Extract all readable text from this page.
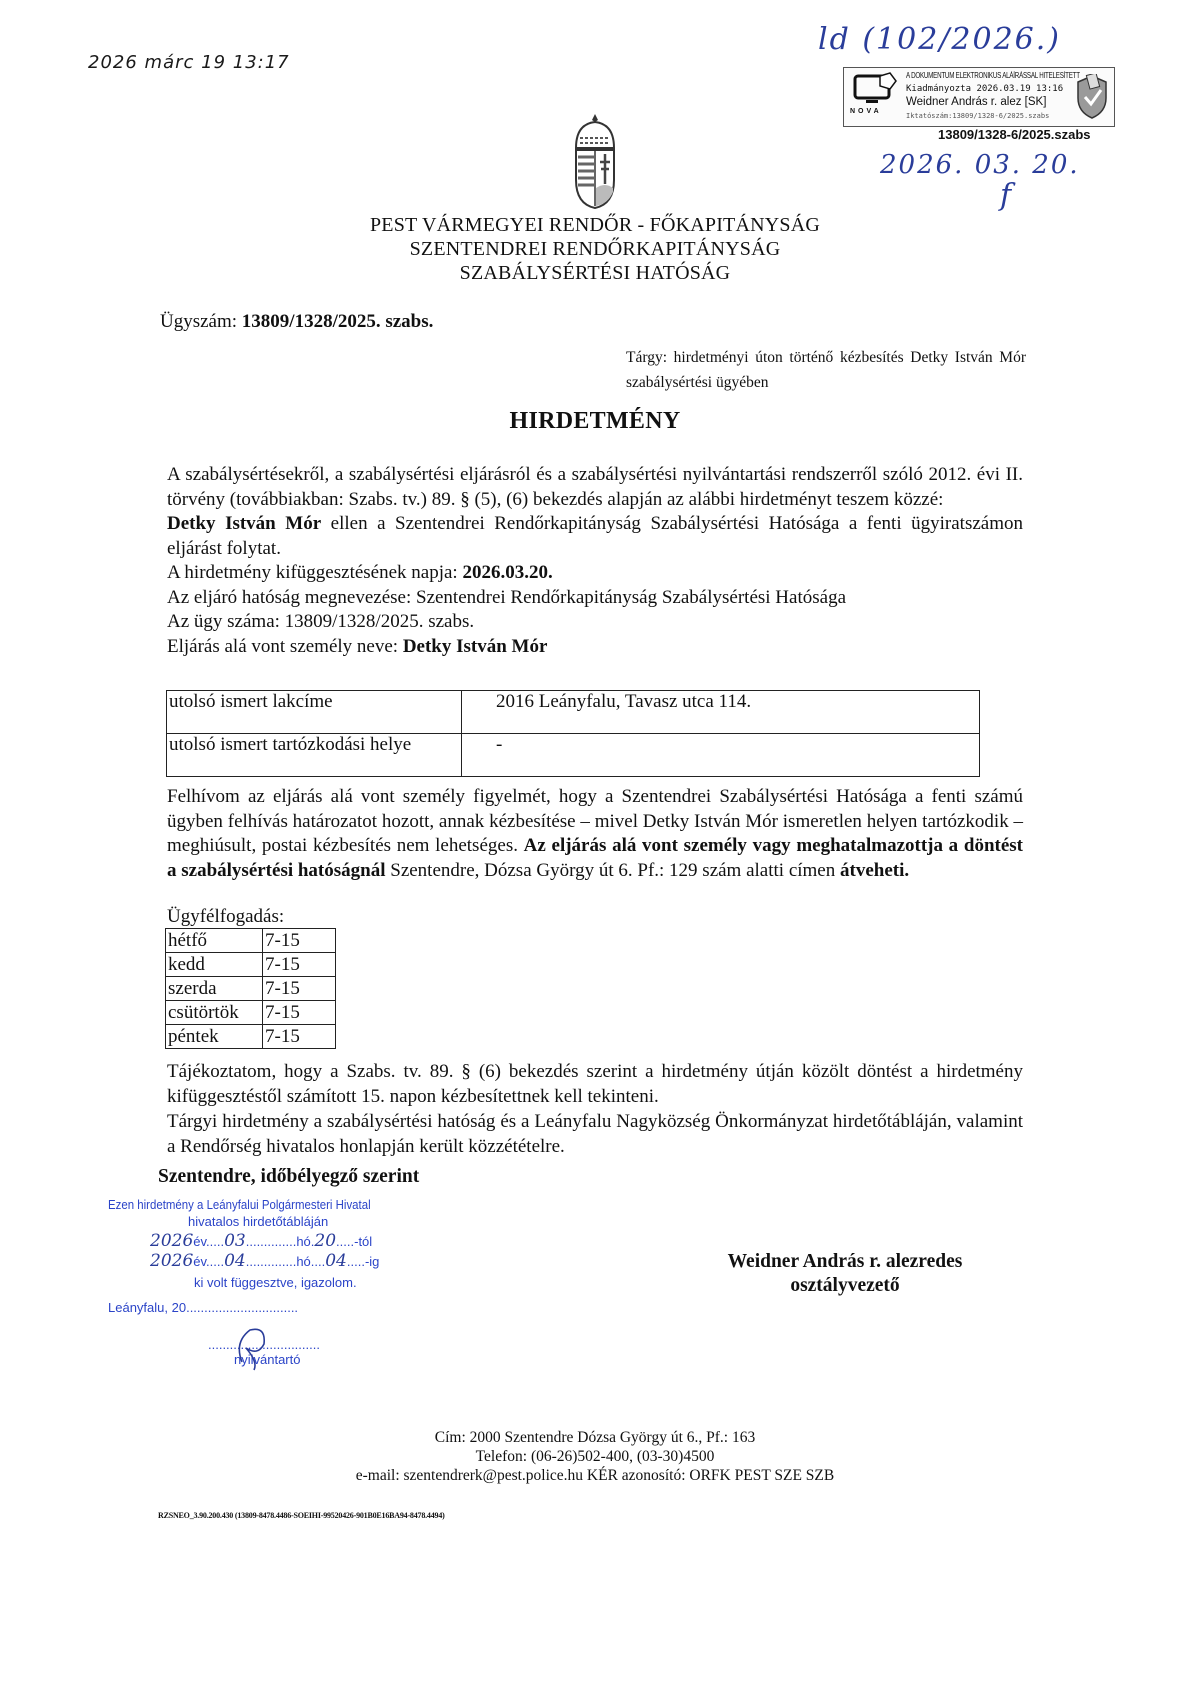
2026 márc 19 13:17
ld (102/2026.)
NOVA
A DOKUMENTUM ELEKTRONIKUS ALÁÍRÁSSAL HITELESÍTETT
Kiadmányozta 2026.03.19 13:16
Weidner András r. alez [SK]
Iktatószám:13809/1328-6/2025.szabs
13809/1328-6/2025.szabs
2026. 03. 20.
f
PEST VÁRMEGYEI RENDŐR - FŐKAPITÁNYSÁG
SZENTENDREI RENDŐRKAPITÁNYSÁG
SZABÁLYSÉRTÉSI HATÓSÁG
Ügyszám: 13809/1328/2025. szabs.
Tárgy: hirdetményi úton történő kézbesítés Detky István Mór szabálysértési ügyében
HIRDETMÉNY

A szabálysértésekről, a szabálysértési eljárásról és a szabálysértési nyilvántartási rendszerről szóló 2012. évi II. törvény (továbbiakban: Szabs. tv.) 89. § (5), (6) bekezdés alapján az alábbi hirdetményt teszem közzé:

Detky István Mór ellen a Szentendrei Rendőrkapitányság Szabálysértési Hatósága a fenti ügyiratszámon eljárást folytat.

A hirdetmény kifüggesztésének napja: 2026.03.20.

Az eljáró hatóság megnevezése: Szentendrei Rendőrkapitányság Szabálysértési Hatósága

Az ügy száma: 13809/1328/2025. szabs.

Eljárás alá vont személy neve: Detky István Mór

utolsó ismert lakcíme	2016 Leányfalu, Tavasz utca 114.
utolsó ismert tartózkodási helye	-
Felhívom az eljárás alá vont személy figyelmét, hogy a Szentendrei Szabálysértési Hatósága a fenti számú ügyben felhívás határozatot hozott, annak kézbesítése – mivel Detky István Mór ismeretlen helyen tartózkodik – meghiúsult, postai kézbesítés nem lehetséges. Az eljárás alá vont személy vagy meghatalmazottja a döntést a szabálysértési hatóságnál Szentendre, Dózsa György út 6. Pf.: 129 szám alatti címen átveheti.
Ügyfélfogadás:
hétfő	7-15
kedd	7-15
szerda	7-15
csütörtök	7-15
péntek	7-15
Tájékoztatom, hogy a Szabs. tv. 89. § (6) bekezdés szerint a hirdetmény útján közölt döntést a hirdetmény kifüggesztéstől számított 15. napon kézbesítettnek kell tekinteni.
Tárgyi hirdetmény a szabálysértési hatóság és a Leányfalu Nagyközség Önkormányzat hirdetőtábláján, valamint a Rendőrség hivatalos honlapján került közzétételre.
Szentendre, időbélyegző szerint
Ezen hirdetmény a Leányfalui Polgármesteri Hivatal
hivatalos hirdetőtábláján
2026év.....03..............hó.20.....-tól
2026év.....04..............hó....04.....-ig
ki volt függesztve, igazolom.
Leányfalu, 20...............................
...............................
nyilvántartó
Weidner András r. alezredes
osztályvezető
Cím: 2000 Szentendre Dózsa György út 6., Pf.: 163
Telefon: (06-26)502-400, (03-30)4500
e-mail: szentendrerk@pest.police.hu KÉR azonosító: ORFK PEST SZE SZB
RZSNEO_3.90.200.430 (13809-8478.4486-SOEIHI-99520426-901B0E16BA94-8478.4494)
